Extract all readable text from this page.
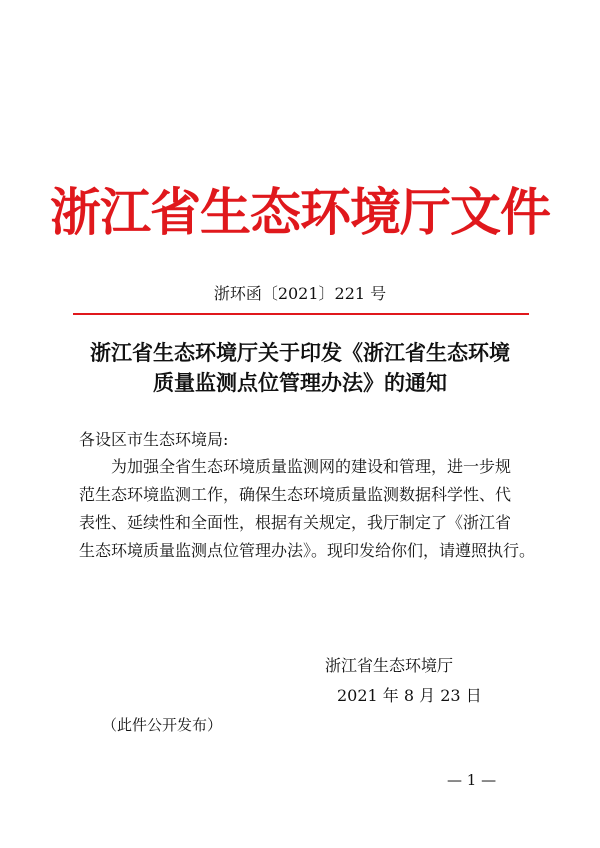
浙江省生态环境厅文件
浙环函〔2021〕221 号
浙江省生态环境厅关于印发《浙江省生态环境
质量监测点位管理办法》的通知
各设区市生态环境局:
为加强全省生态环境质量监测网的建设和管理，进一步规
范生态环境监测工作，确保生态环境质量监测数据科学性、代
表性、延续性和全面性，根据有关规定，我厅制定了《浙江省
生态环境质量监测点位管理办法》。现印发给你们，请遵照执行。
浙江省生态环境厅
2021 年 8 月 23 日
（此件公开发布）
— 1 —
